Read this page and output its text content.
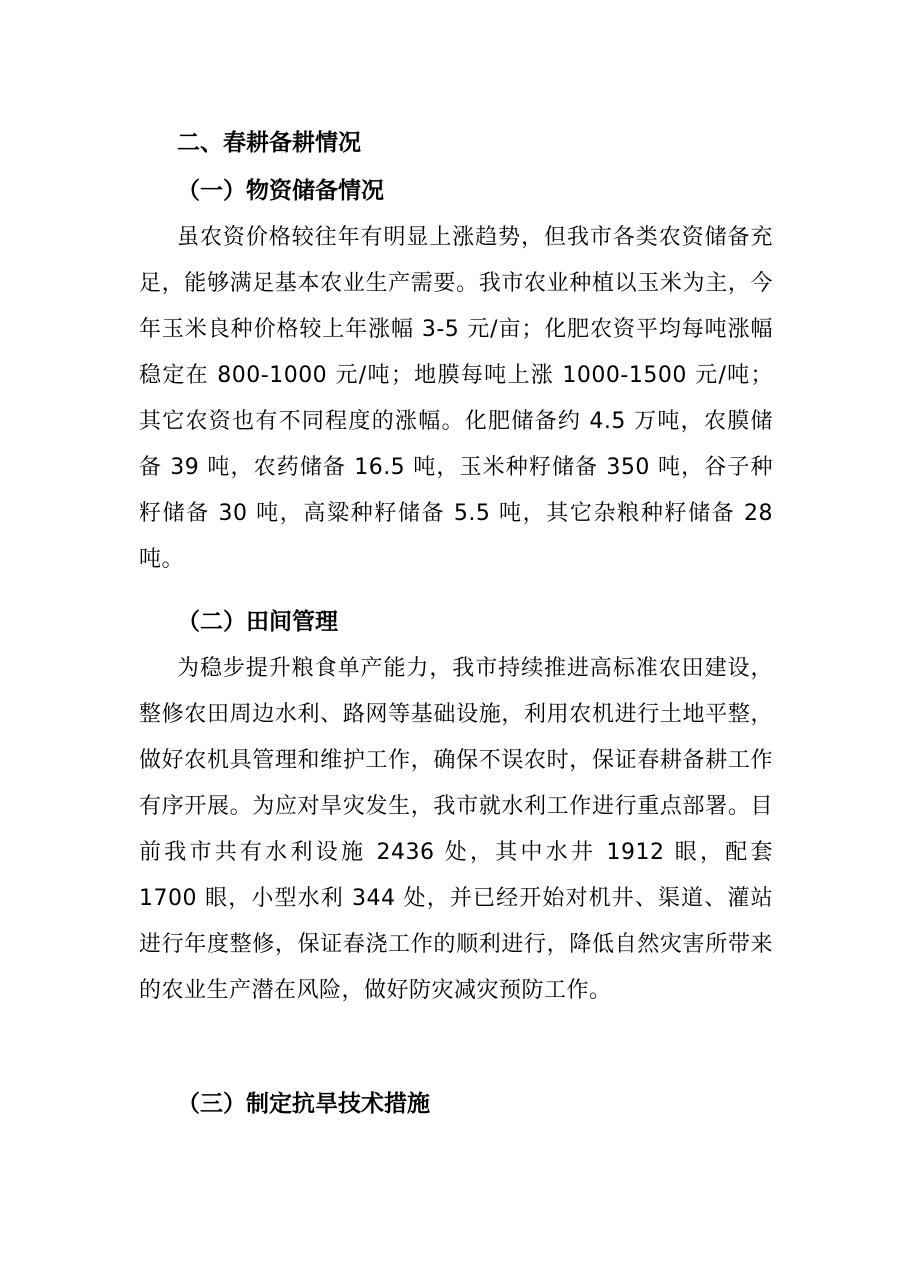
二、春耕备耕情况
（一）物资储备情况

虽农资价格较往年有明显上涨趋势，但我市各类农资储备充足，能够满足基本农业生产需要。我市农业种植以玉米为主，今年玉米良种价格较上年涨幅 3-5 元/亩；化肥农资平均每吨涨幅稳定在 800-1000 元/吨；地膜每吨上涨 1000-1500 元/吨；其它农资也有不同程度的涨幅。化肥储备约 4.5 万吨，农膜储备 39 吨，农药储备 16.5 吨，玉米种籽储备 350 吨，谷子种籽储备 30 吨，高粱种籽储备 5.5 吨，其它杂粮种籽储备 28 吨。

（二）田间管理

为稳步提升粮食单产能力，我市持续推进高标准农田建设，整修农田周边水利、路网等基础设施，利用农机进行土地平整，做好农机具管理和维护工作，确保不误农时，保证春耕备耕工作有序开展。为应对旱灾发生，我市就水利工作进行重点部署。目前我市共有水利设施 2436 处，其中水井 1912 眼，配套 1700 眼，小型水利 344 处，并已经开始对机井、渠道、灌站进行年度整修，保证春浇工作的顺利进行，降低自然灾害所带来的农业生产潜在风险，做好防灾减灾预防工作。

（三）制定抗旱技术措施
